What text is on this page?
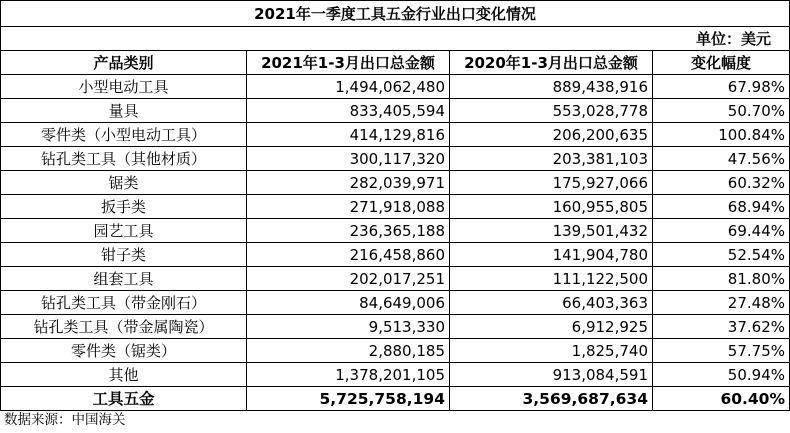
2021年一季度工具五金行业出口变化情况			
单位：美元			
产品类别	2021年1-3月出口总金额	2020年1-3月出口总金额	变化幅度
小型电动工具	1,494,062,480	889,438,916	67.98%
量具	833,405,594	553,028,778	50.70%
零件类（小型电动工具）	414,129,816	206,200,635	100.84%
钻孔类工具（其他材质）	300,117,320	203,381,103	47.56%
锯类	282,039,971	175,927,066	60.32%
扳手类	271,918,088	160,955,805	68.94%
园艺工具	236,365,188	139,501,432	69.44%
钳子类	216,458,860	141,904,780	52.54%
组套工具	202,017,251	111,122,500	81.80%
钻孔类工具（带金刚石）	84,649,006	66,403,363	27.48%
钻孔类工具（带金属陶瓷）	9,513,330	6,912,925	37.62%
零件类（锯类）	2,880,185	1,825,740	57.75%
其他	1,378,201,105	913,084,591	50.94%
工具五金	5,725,758,194	3,569,687,634	60.40%
数据来源：中国海关
